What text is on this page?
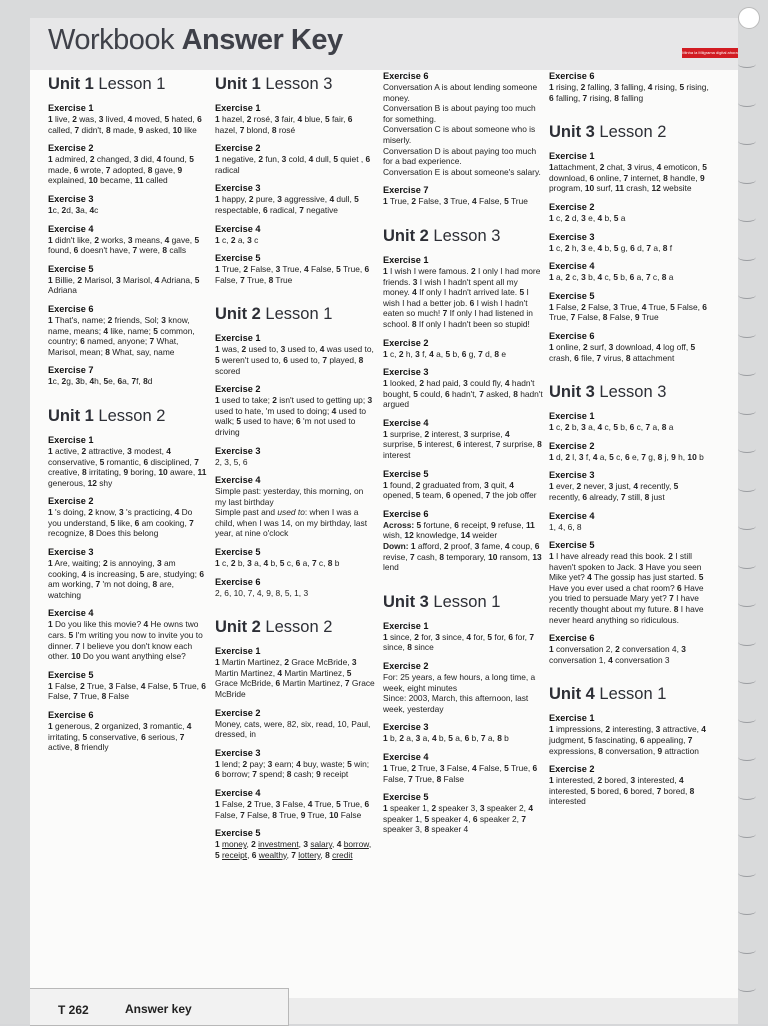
Workbook Answer Key	Minha la Milgrama digital ahora
Unit 1 Lesson 1
Exercise 1
1 live, 2 was, 3 lived, 4 moved, 5 hated, 6 called, 7 didn't, 8 made, 9 asked, 10 like
Exercise 2
1 admired, 2 changed, 3 did, 4 found, 5 made, 6 wrote, 7 adopted, 8 gave, 9 explained, 10 became, 11 called
Exercise 3
1c, 2d, 3a, 4c
Exercise 4
1 didn't like, 2 works, 3 means, 4 gave, 5 found, 6 doesn't have, 7 were, 8 calls
Exercise 5
1 Billie, 2 Marisol, 3 Marisol, 4 Adriana, 5 Adriana
Exercise 6
1 That's, name; 2 friends, Sol; 3 know, name, means; 4 like, name; 5 common, country; 6 named, anyone; 7 What, Marisol, mean; 8 What, say, name
Exercise 7
1c, 2g, 3b, 4h, 5e, 6a, 7f, 8d
Unit 1 Lesson 2
Exercise 1
1 active, 2 attractive, 3 modest, 4 conservative, 5 romantic, 6 disciplined, 7 creative, 8 irritating, 9 boring, 10 aware, 11 generous, 12 shy
Exercise 2
1 's doing, 2 know, 3 's practicing, 4 Do you understand, 5 like, 6 am cooking, 7 recognize, 8 Does this belong
Exercise 3
1 Are, waiting; 2 is annoying, 3 am cooking, 4 is increasing, 5 are, studying; 6 am working, 7 'm not doing, 8 are, watching
Exercise 4
1 Do you like this movie? 4 He owns two cars. 5 I'm writing you now to invite you to dinner. 7 I believe you don't know each other. 10 Do you want anything else?
Exercise 5
1 False, 2 True, 3 False, 4 False, 5 True, 6 False, 7 True, 8 False
Exercise 6
1 generous, 2 organized, 3 romantic, 4 irritating, 5 conservative, 6 serious, 7 active, 8 friendly
Unit 1 Lesson 3
Exercise 1
1 hazel, 2 rosé, 3 fair, 4 blue, 5 fair, 6 hazel, 7 blond, 8 rosé
Exercise 2
1 negative, 2 fun, 3 cold, 4 dull, 5 quiet , 6 radical
Exercise 3
1 happy, 2 pure, 3 aggressive, 4 dull, 5 respectable, 6 radical, 7 negative
Exercise 4
1 c, 2 a, 3 c
Exercise 5
1 True, 2 False, 3 True, 4 False, 5 True, 6 False, 7 True, 8 True
Unit 2 Lesson 1
Exercise 1
1 was, 2 used to, 3 used to, 4 was used to, 5 weren't used to, 6 used to, 7 played, 8 scored
Exercise 2
1 used to take; 2 isn't used to getting up; 3 used to hate, 'm used to doing; 4 used to walk; 5 used to have; 6 'm not used to driving
Exercise 3
2, 3, 5, 6
Exercise 4
Simple past: yesterday, this morning, on my last birthday
Simple past and used to: when I was a child, when I was 14, on my birthday, last year, at nine o'clock
Exercise 5
1 c, 2 b, 3 a, 4 b, 5 c, 6 a, 7 c, 8 b
Exercise 6
2, 6, 10, 7, 4, 9, 8, 5, 1, 3
Unit 2 Lesson 2
Exercise 1
1 Martin Martinez, 2 Grace McBride, 3 Martin Martinez, 4 Martin Martinez, 5 Grace McBride, 6 Martin Martinez, 7 Grace McBride
Exercise 2
Money, cats, were, 82, six, read, 10, Paul, dressed, in
Exercise 3
1 lend; 2 pay; 3 earn; 4 buy, waste; 5 win; 6 borrow; 7 spend; 8 cash; 9 receipt
Exercise 4
1 False, 2 True, 3 False, 4 True, 5 True, 6 False, 7 False, 8 True, 9 True, 10 False
Exercise 5
1 money, 2 investment, 3 salary, 4 borrow, 5 receipt, 6 wealthy, 7 lottery, 8 credit
Exercise 6
Conversation A is about lending someone money.
Conversation B is about paying too much for something.
Conversation C is about someone who is miserly.
Conversation D is about paying too much for a bad experience.
Conversation E is about someone's salary.
Exercise 7
1 True, 2 False, 3 True, 4 False, 5 True
Unit 2 Lesson 3
Exercise 1
1 I wish I were famous. 2 I only I had more friends. 3 I wish I hadn't spent all my money. 4 If only I hadn't arrived late. 5 I wish I had a better job. 6 I wish I hadn't eaten so much! 7 If only I had listened in school. 8 If only I hadn't been so stupid!
Exercise 2
1 c, 2 h, 3 f, 4 a, 5 b, 6 g, 7 d, 8 e
Exercise 3
1 looked, 2 had paid, 3 could fly, 4 hadn't bought, 5 could, 6 hadn't, 7 asked, 8 hadn't argued
Exercise 4
1 surprise, 2 interest, 3 surprise, 4 surprise, 5 interest, 6 interest, 7 surprise, 8 interest
Exercise 5
1 found, 2 graduated from, 3 quit, 4 opened, 5 team, 6 opened, 7 the job offer
Exercise 6
Across: 5 fortune, 6 receipt, 9 refuse, 11 wish, 12 knowledge, 14 weider
Down: 1 afford, 2 proof, 3 fame, 4 coup, 6 revise, 7 cash, 8 temporary, 10 ransom, 13 lend
Unit 3 Lesson 1
Exercise 1
1 since, 2 for, 3 since, 4 for, 5 for, 6 for, 7 since, 8 since
Exercise 2
For: 25 years, a few hours, a long time, a week, eight minutes
Since: 2003, March, this afternoon, last week, yesterday
Exercise 3
1 b, 2 a, 3 a, 4 b, 5 a, 6 b, 7 a, 8 b
Exercise 4
1 True, 2 True, 3 False, 4 False, 5 True, 6 False, 7 True, 8 False
Exercise 5
1 speaker 1, 2 speaker 3, 3 speaker 2, 4 speaker 1, 5 speaker 4, 6 speaker 2, 7 speaker 3, 8 speaker 4
Exercise 6
1 rising, 2 falling, 3 falling, 4 rising, 5 rising, 6 falling, 7 rising, 8 falling
Unit 3 Lesson 2
Exercise 1
1attachment, 2 chat, 3 virus, 4 emoticon, 5 download, 6 online, 7 internet, 8 handle, 9 program, 10 surf, 11 crash, 12 website
Exercise 2
1 c, 2 d, 3 e, 4 b, 5 a
Exercise 3
1 c, 2 h, 3 e, 4 b, 5 g, 6 d, 7 a, 8 f
Exercise 4
1 a, 2 c, 3 b, 4 c, 5 b, 6 a, 7 c, 8 a
Exercise 5
1 False, 2 False, 3 True, 4 True, 5 False, 6 True, 7 False, 8 False, 9 True
Exercise 6
1 online, 2 surf, 3 download, 4 log off, 5 crash, 6 file, 7 virus, 8 attachment
Unit 3 Lesson 3
Exercise 1
1 c, 2 b, 3 a, 4 c, 5 b, 6 c, 7 a, 8 a
Exercise 2
1 d, 2 l, 3 f, 4 a, 5 c, 6 e, 7 g, 8 j, 9 h, 10 b
Exercise 3
1 ever, 2 never, 3 just, 4 recently, 5 recently, 6 already, 7 still, 8 just
Exercise 4
1, 4, 6, 8
Exercise 5
1 I have already read this book. 2 I still haven't spoken to Jack. 3 Have you seen Mike yet? 4 The gossip has just started. 5 Have you ever used a chat room? 6 Have you tried to persuade Mary yet? 7 I have recently thought about my future. 8 I have never heard anything so ridiculous.
Exercise 6
1 conversation 2, 2 conversation 4, 3 conversation 1, 4 conversation 3
Unit 4 Lesson 1
Exercise 1
1 impressions, 2 interesting, 3 attractive, 4 judgment, 5 fascinating, 6 appealing, 7 expressions, 8 conversation, 9 attraction
Exercise 2
1 interested, 2 bored, 3 interested, 4 interested, 5 bored, 6 bored, 7 bored, 8 interested
T 262	Answer key
